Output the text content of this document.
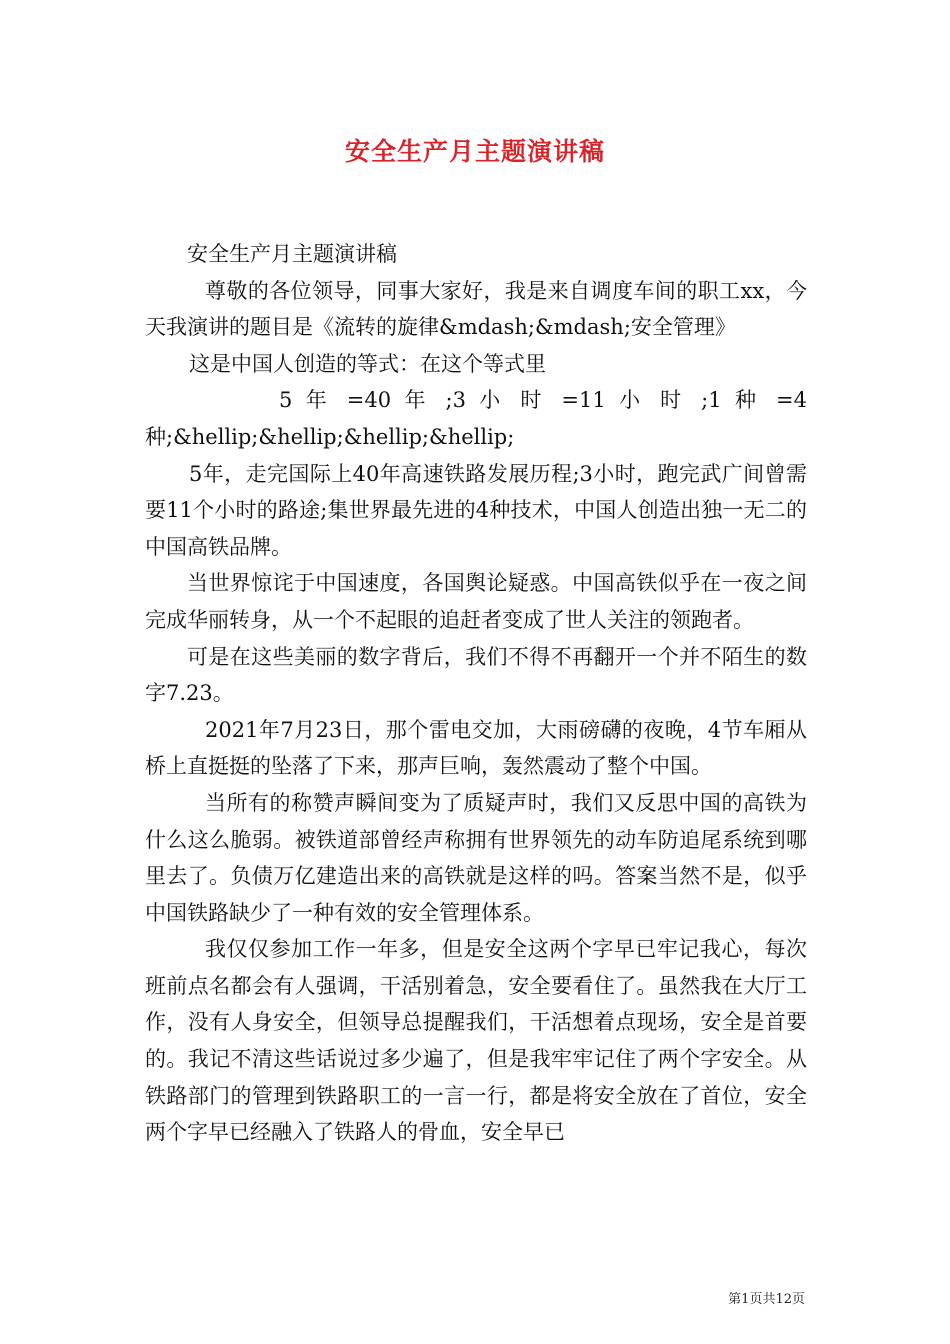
安全生产月主题演讲稿

安全生产月主题演讲稿

尊敬的各位领导，同事大家好，我是来自调度车间的职工xx，今天我演讲的题目是《流转的旋律&mdash;&mdash;安全管理》

这是中国人创造的等式：在这个等式里

5 年 =40 年 ;3 小 时 =11 小 时 ;1 种 =4

种;&hellip;&hellip;&hellip;&hellip;

5年，走完国际上40年高速铁路发展历程;3小时，跑完武广间曾需要11个小时的路途;集世界最先进的4种技术，中国人创造出独一无二的中国高铁品牌。

当世界惊诧于中国速度，各国舆论疑惑。中国高铁似乎在一夜之间完成华丽转身，从一个不起眼的追赶者变成了世人关注的领跑者。

可是在这些美丽的数字背后，我们不得不再翻开一个并不陌生的数字7.23。

2021年7月23日，那个雷电交加，大雨磅礴的夜晚，4节车厢从桥上直挺挺的坠落了下来，那声巨响，轰然震动了整个中国。

当所有的称赞声瞬间变为了质疑声时，我们又反思中国的高铁为什么这么脆弱。被铁道部曾经声称拥有世界领先的动车防追尾系统到哪里去了。负债万亿建造出来的高铁就是这样的吗。答案当然不是，似乎中国铁路缺少了一种有效的安全管理体系。

我仅仅参加工作一年多，但是安全这两个字早已牢记我心，每次班前点名都会有人强调，干活别着急，安全要看住了。虽然我在大厅工作，没有人身安全，但领导总提醒我们，干活想着点现场，安全是首要的。我记不清这些话说过多少遍了，但是我牢牢记住了两个字安全。从铁路部门的管理到铁路职工的一言一行，都是将安全放在了首位，安全两个字早已经融入了铁路人的骨血，安全早已

第1页共12页
